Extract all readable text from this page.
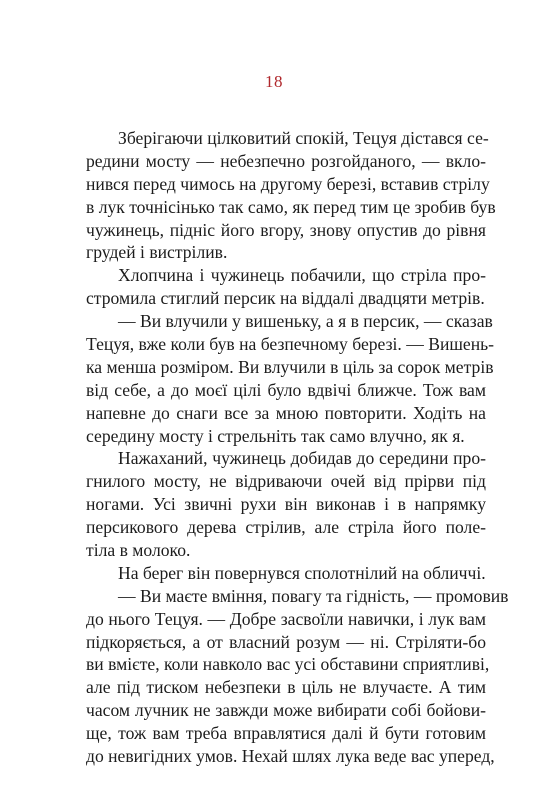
18
Зберігаючи цілковитий спокій, Тецуя дістався се-
редини мосту — небезпечно розгойданого, — вкло-
нився перед чимось на другому березі, вставив стрілу
в лук точнісінько так само, як перед тим це зробив був
чужинець, підніс його вгору, знову опустив до рівня
грудей і вистрілив.
Хлопчина і чужинець побачили, що стріла про-
стромила стиглий персик на віддалі двадцяти метрів.
— Ви влучили у вишеньку, а я в персик, — сказав
Тецуя, вже коли був на безпечному березі. — Вишень-
ка менша розміром. Ви влучили в ціль за сорок метрів
від себе, а до моєї цілі було вдвічі ближче. Тож вам
напевне до снаги все за мною повторити. Ходіть на
середину мосту і стрельніть так само влучно, як я.
Нажаханий, чужинець добидав до середини про-
гнилого мосту, не відриваючи очей від прірви під
ногами. Усі звичні рухи він виконав і в напрямку
персикового дерева стрілив, але стріла його поле-
тіла в молоко.
На берег він повернувся сполотнілий на обличчі.
— Ви маєте вміння, повагу та гідність, — промовив
до нього Тецуя. — Добре засвоїли навички, і лук вам
підкоряється, а от власний розум — ні. Стріляти-бо
ви вмієте, коли навколо вас усі обставини сприятливі,
але під тиском небезпеки в ціль не влучаєте. А тим
часом лучник не завжди може вибирати собі бойови-
ще, тож вам треба вправлятися далі й бути готовим
до невигідних умов. Нехай шлях лука веде вас уперед,
